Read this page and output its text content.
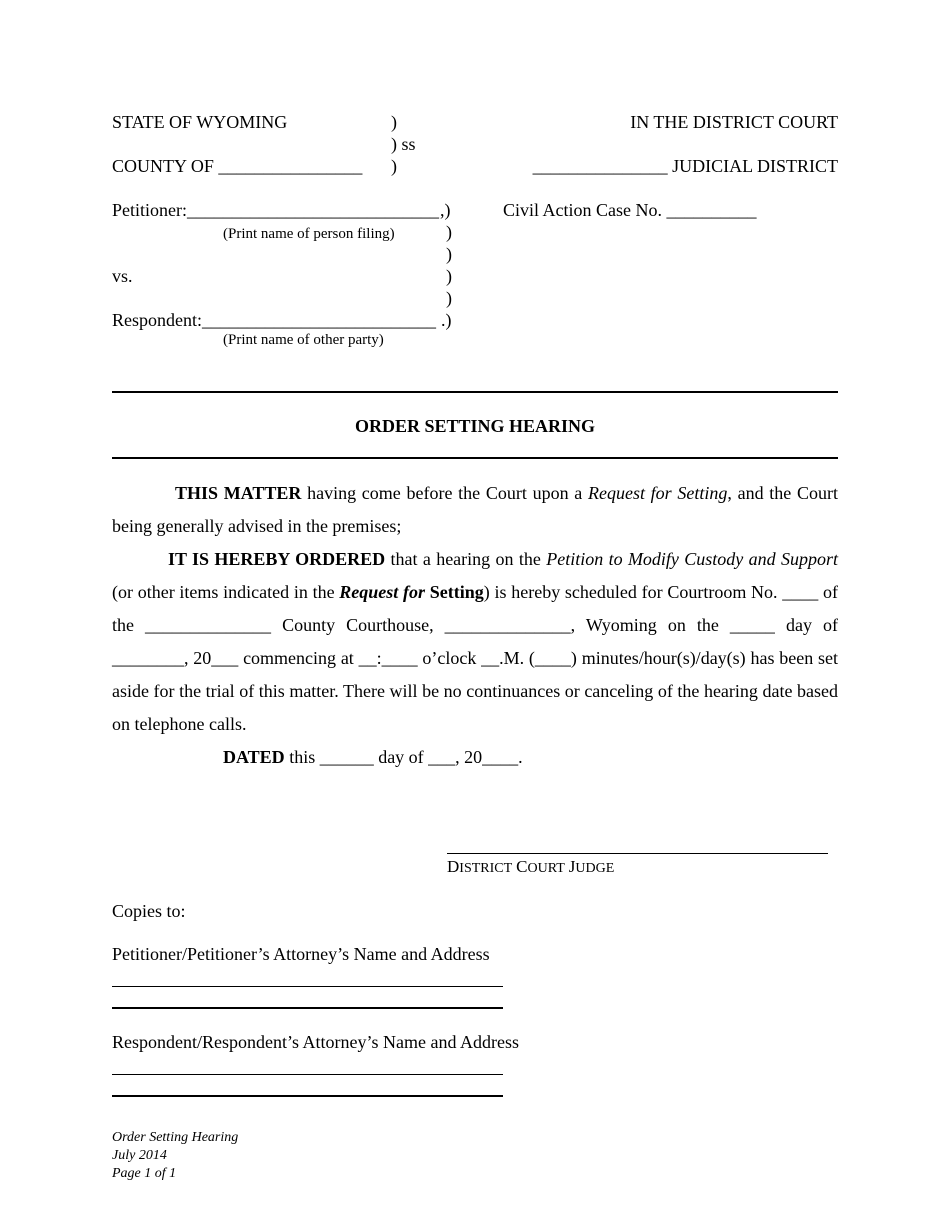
STATE OF WYOMING	)
) ss
COUNTY OF ________________ )
IN THE DISTRICT COURT
_______________ JUDICIAL DISTRICT
Petitioner:____________________________ ,)
(Print name of person filing)	)
)
vs.	)
)
Respondent:__________________________ .)
(Print name of other party)
Civil Action Case No. __________
ORDER SETTING HEARING
THIS MATTER having come before the Court upon a Request for Setting, and the Court being generally advised in the premises;
IT IS HEREBY ORDERED that a hearing on the Petition to Modify Custody and Support (or other items indicated in the Request for Setting) is hereby scheduled for Courtroom No. ____ of the ______________ County Courthouse, ______________, Wyoming on the _____ day of ________, 20___ commencing at __:____ o’clock __.M. (____) minutes/hour(s)/day(s) has been set aside for the trial of this matter. There will be no continuances or canceling of the hearing date based on telephone calls.
DATED this ______ day of ___, 20____.
DISTRICT COURT JUDGE
Copies to:
Petitioner/Petitioner’s Attorney’s Name and Address
Respondent/Respondent’s Attorney’s Name and Address
Order Setting Hearing
July 2014
Page 1 of 1
